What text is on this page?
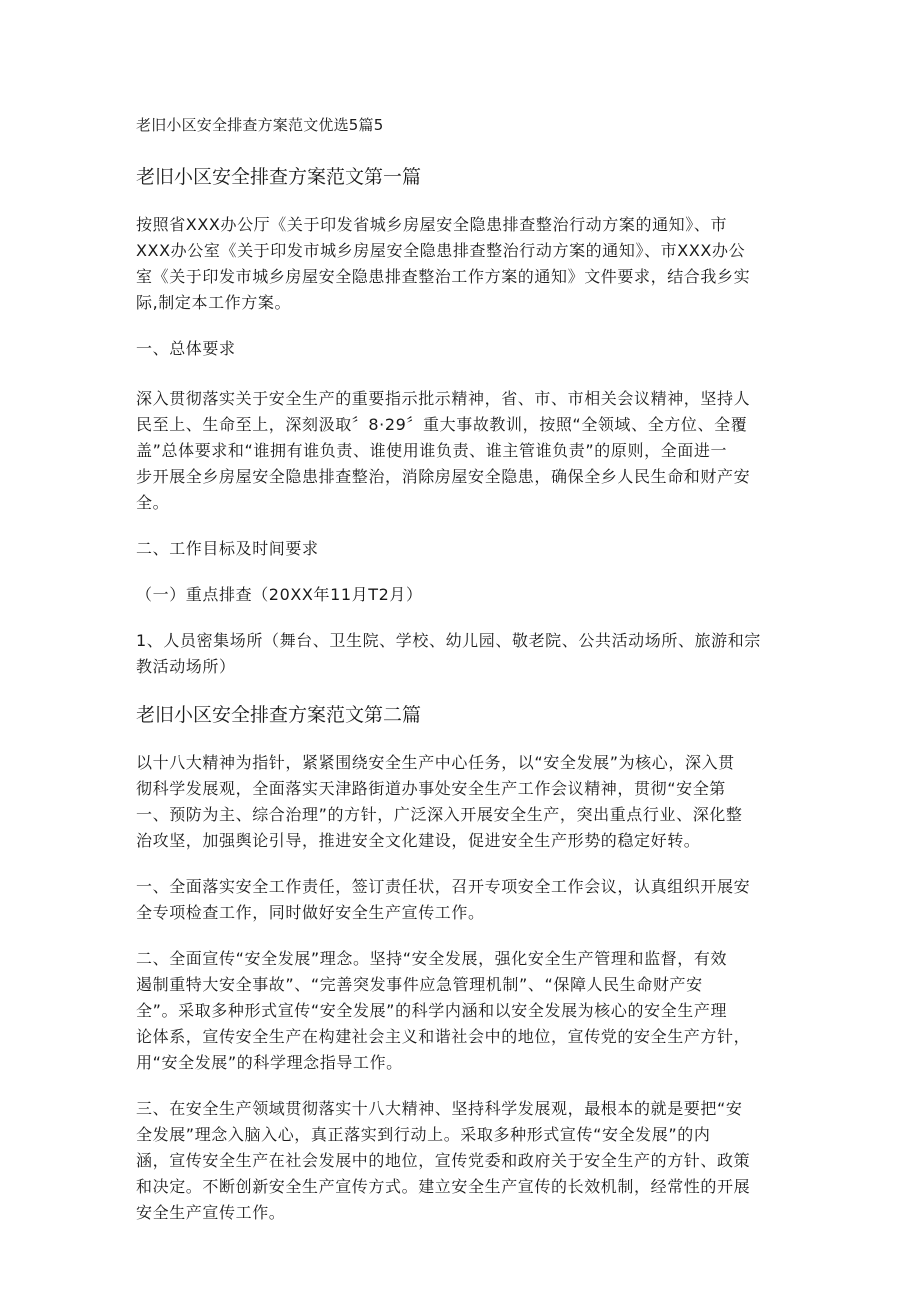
老旧小区安全排查方案范文优选5篇5
老旧小区安全排查方案范文第一篇
按照省XXX办公厅《关于印发省城乡房屋安全隐患排查整治行动方案的通知》、市
XXX办公室《关于印发市城乡房屋安全隐患排查整治行动方案的通知》、市XXX办公
室《关于印发市城乡房屋安全隐患排查整治工作方案的通知》文件要求，结合我乡实
际,制定本工作方案。
一、总体要求
深入贯彻落实关于安全生产的重要指示批示精神，省、市、市相关会议精神，坚持人
民至上、生命至上，深刻汲取〞8·29〞重大事故教训，按照“全领域、全方位、全覆
盖”总体要求和“谁拥有谁负责、谁使用谁负责、谁主管谁负责”的原则，全面进一
步开展全乡房屋安全隐患排查整治，消除房屋安全隐患，确保全乡人民生命和财产安
全。
二、工作目标及时间要求
（一）重点排查（20XX年11月T2月）
1、人员密集场所（舞台、卫生院、学校、幼儿园、敬老院、公共活动场所、旅游和宗
教活动场所）
老旧小区安全排查方案范文第二篇
以十八大精神为指针，紧紧围绕安全生产中心任务，以“安全发展”为核心，深入贯
彻科学发展观，全面落实天津路街道办事处安全生产工作会议精神，贯彻“安全第
一、预防为主、综合治理”的方针，广泛深入开展安全生产，突出重点行业、深化整
治攻坚，加强舆论引导，推进安全文化建设，促进安全生产形势的稳定好转。
一、全面落实安全工作责任，签订责任状，召开专项安全工作会议，认真组织开展安
全专项检查工作，同时做好安全生产宣传工作。
二、全面宣传“安全发展”理念。坚持“安全发展，强化安全生产管理和监督，有效
遏制重特大安全事故”、“完善突发事件应急管理机制”、“保障人民生命财产安
全”。采取多种形式宣传“安全发展”的科学内涵和以安全发展为核心的安全生产理
论体系，宣传安全生产在构建社会主义和谐社会中的地位，宣传党的安全生产方针，
用“安全发展”的科学理念指导工作。
三、在安全生产领域贯彻落实十八大精神、坚持科学发展观，最根本的就是要把“安
全发展”理念入脑入心，真正落实到行动上。采取多种形式宣传“安全发展”的内
涵，宣传安全生产在社会发展中的地位，宣传党委和政府关于安全生产的方针、政策
和决定。不断创新安全生产宣传方式。建立安全生产宣传的长效机制，经常性的开展
安全生产宣传工作。
